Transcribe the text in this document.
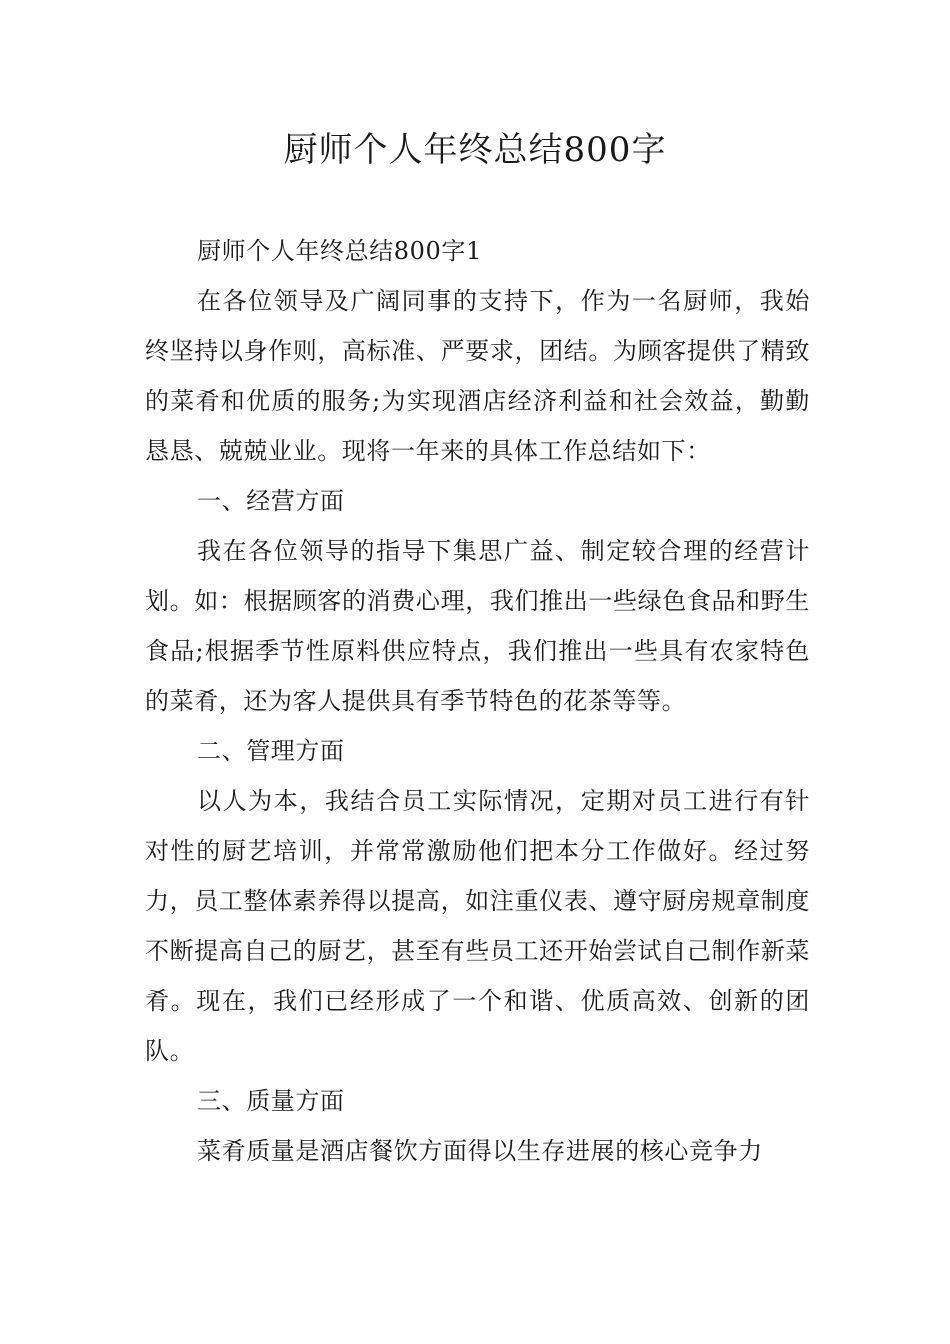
厨师个人年终总结800字

厨师个人年终总结800字1

在各位领导及广阔同事的支持下，作为一名厨师，我始终坚持以身作则，高标准、严要求，团结。为顾客提供了精致的菜肴和优质的服务;为实现酒店经济利益和社会效益，勤勤恳恳、兢兢业业。现将一年来的具体工作总结如下：

一、经营方面

我在各位领导的指导下集思广益、制定较合理的经营计划。如：根据顾客的消费心理，我们推出一些绿色食品和野生食品;根据季节性原料供应特点，我们推出一些具有农家特色的菜肴，还为客人提供具有季节特色的花茶等等。

二、管理方面

以人为本，我结合员工实际情况，定期对员工进行有针对性的厨艺培训，并常常激励他们把本分工作做好。经过努力，员工整体素养得以提高，如注重仪表、遵守厨房规章制度不断提高自己的厨艺，甚至有些员工还开始尝试自己制作新菜肴。现在，我们已经形成了一个和谐、优质高效、创新的团队。

三、质量方面

菜肴质量是酒店餐饮方面得以生存进展的核心竞争力
